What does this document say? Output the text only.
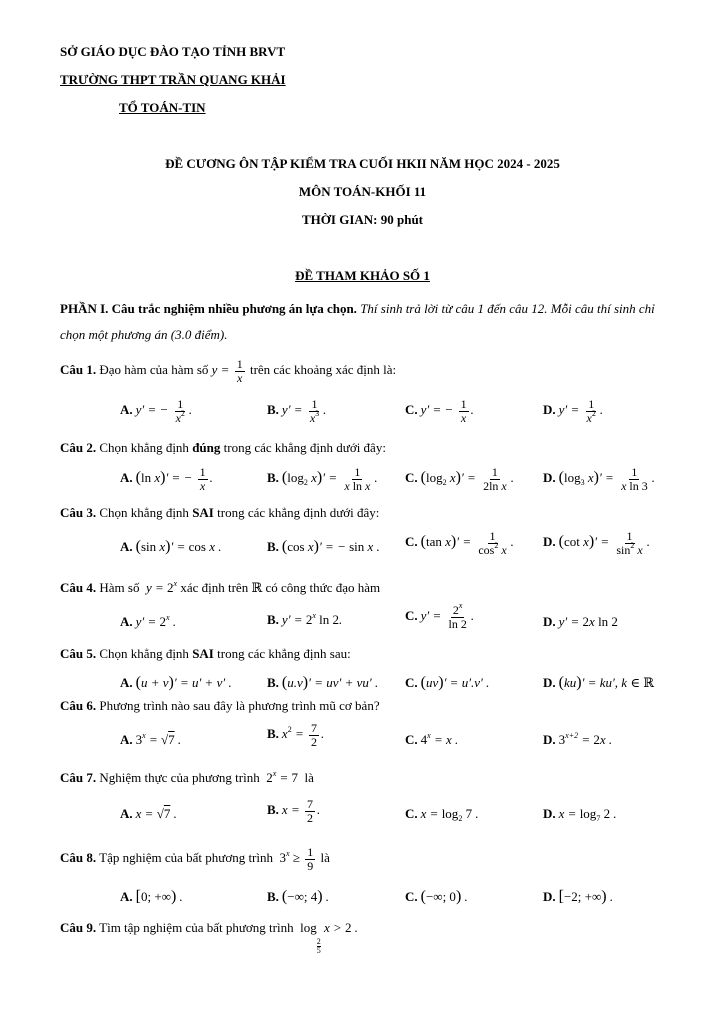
SỞ GIÁO DỤC ĐÀO TẠO TỈNH BRVT
TRƯỜNG THPT TRẦN QUANG KHẢI
TỔ TOÁN-TIN
ĐỀ CƯƠNG ÔN TẬP KIỂM TRA CUỐI HKII NĂM HỌC 2024 - 2025
MÔN TOÁN-KHỐI 11
THỜI GIAN: 90 phút
ĐỀ THAM KHẢO SỐ 1
PHẦN I. Câu trắc nghiệm nhiều phương án lựa chọn. Thí sinh trả lời từ câu 1 đến câu 12. Mỗi câu thí sinh chỉ chọn một phương án (3.0 điểm).
Câu 1. Đạo hàm của hàm số $y = \frac{1}{x}$ trên các khoảng xác định là:
A. y′ = − $\frac{1}{x^2}$ .	B. $y' = \frac{1}{x^3}$ .	C. y′ = − $\frac{1}{x}$ .	D. $y' = \frac{1}{x^2}$ .
Câu 2. Chọn khẳng định đúng trong các khẳng định dưới đây:
A. (ln x)′ = − $\frac{1}{x}$ .	B. ($\log_2$ $x)' = \frac{1}{\text{x ln x}}$ . C. ($\log_2$ $x)' = \frac{1}{\text{2ln x}}$ . D. ($\log_3$ $x)' = \frac{1}{\text{x ln 3}}$ .
Câu 3. Chọn khẳng định SAI trong các khẳng định dưới đây:
A. (sin x)′ = cos x .	B. (cos x)′ = − sin x . C. (tan $x)' = \frac{1}{\cos^2 x}$ . D. (cot $x)' = \frac{1}{\sin^2 x}$ .
Câu 4. Hàm số  $y = 2^x$ xác định trên ℝ có công thức đạo hàm
A. $y' = 2^x$ .	B. $y' = 2^x$ ln 2.	C. $y' = \frac{2^x}{\ln 2}$ .	D. y′ = 2x ln 2
Câu 5. Chọn khẳng định SAI trong các khẳng định sau:
A. (u + v)′ = u′ + v′ .	B. (u.v)′ = uv′ + vu′ . C. (uv)′ = u′.v′ .	D. (ku)′ = ku′, k ∈ ℝ
Câu 6. Phương trình nào sau đây là phương trình mũ cơ bản?
A. $3^x = √7$ .	B. $x^2 = \frac{7}{2}$ .	C. $4^x = x$ .	D. $3^{x+2} = 2x$ .
Câu 7. Nghiệm thực của phương trình $2^x = 7$ là
A. x = √7 .	B. $x = \frac{7}{2}$ .	C. $x = \log_2 7$ .	D. $x = \log_7 2$ .
Câu 8. Tập nghiệm của bất phương trình $3^x \ge \frac{1}{9}$ là
A. [0; +∞) .	B. (−∞; 4) .	C. (−∞; 0) .	D. [−2; +∞) .
Câu 9. Tìm tập nghiệm của bất phương trình log
$\frac{2}{5}$
x > 2 .
